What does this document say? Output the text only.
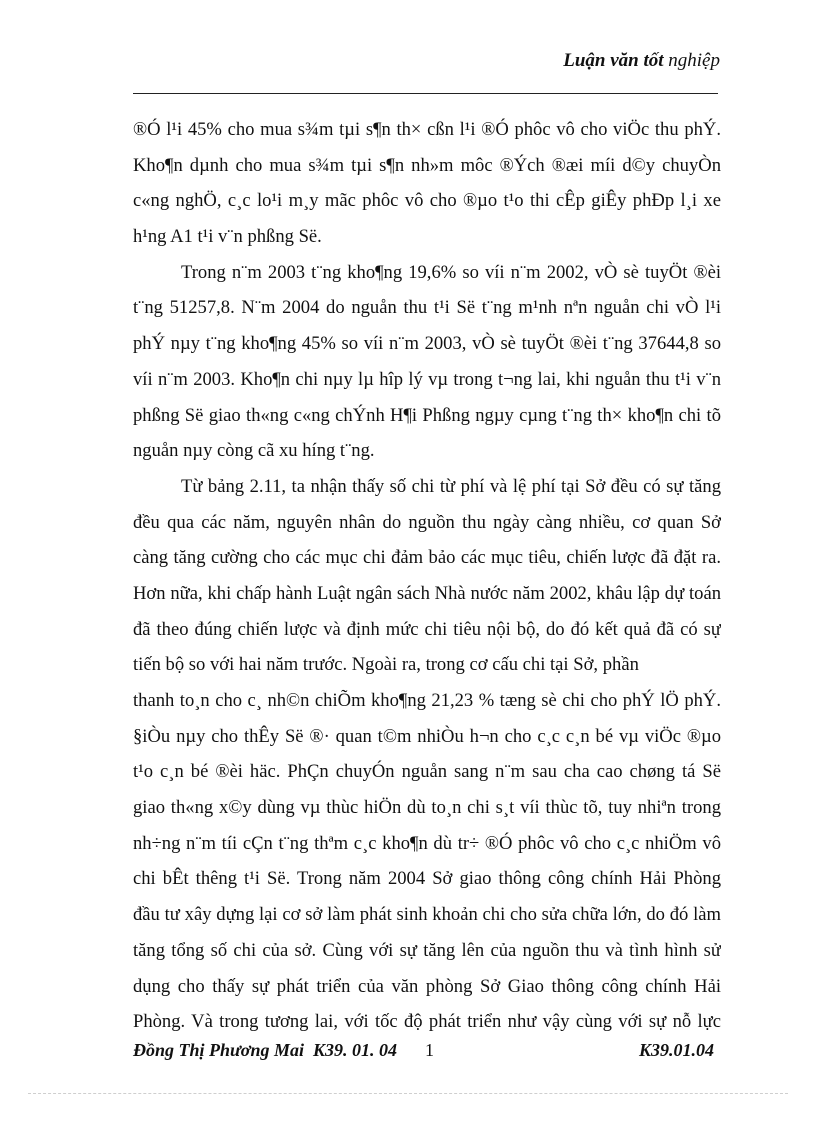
Luận văn tốt nghiệp
®Ó l¹i 45% cho mua s¾m tµi s¶n th× cßn l¹i ®Ó phôc vô cho viÖc thu phÝ.
Kho¶n dµnh cho mua s¾m tµi s¶n nh»m môc ®Ých ®æi míi d©y chuyÒn
c«ng nghÖ, c¸c lo¹i m¸y mãc phôc vô cho ®µo t¹o thi cÊp giÊy phÐp l¸i xe
h¹ng A1 t¹i v¨n phßng Së.
Trong n¨m 2003 t¨ng kho¶ng 19,6% so víi n¨m 2002, vÒ sè tuyÖt ®èi
t¨ng 51257,8. N¨m 2004 do nguån thu t¹i Së t¨ng m¹nh nªn nguån chi vÒ l¹i
phÝ nµy t¨ng kho¶ng 45% so víi n¨m 2003, vÒ sè tuyÖt ®èi t¨ng 37644,8 so
víi n¨m 2003. Kho¶n chi nµy lµ hîp lý vµ trong t¬ng lai, khi nguån thu t¹i v¨n
phßng Së giao th«ng c«ng chÝnh H¶i Phßng ngµy cµng t¨ng th× kho¶n chi tõ
nguån nµy còng cã xu híng t¨ng.
Từ bảng 2.11, ta nhận thấy số chi từ phí và lệ phí tại Sở đều có sự tăng
đều qua các năm, nguyên nhân do nguồn thu ngày càng nhiều, cơ quan Sở
càng tăng cường cho các mục chi đảm bảo các mục tiêu, chiến lược đã đặt ra.
Hơn nữa, khi chấp hành Luật ngân sách Nhà nước năm 2002, khâu lập dự toán
đã theo đúng chiến lược và định mức chi tiêu nội bộ, do đó kết quả đã có sự
tiến bộ so với hai năm trước. Ngoài ra, trong cơ cấu chi tại Sở, phần
thanh to¸n cho c¸ nh©n chiÕm kho¶ng 21,23 % tæng sè chi cho phÝ lÖ phÝ.
§iÒu nµy cho thÊy Së ®· quan t©m nhiÒu h¬n cho c¸c c¸n bé vµ viÖc ®µo
t¹o c¸n bé ®èi häc. PhÇn chuyÓn nguån sang n¨m sau cha cao chøng tá Së
giao th«ng x©y dùng vµ thùc hiÖn dù to¸n chi s¸t víi thùc tõ, tuy nhiªn trong
nh÷ng n¨m tíi cÇn t¨ng thªm c¸c kho¶n dù tr÷ ®Ó phôc vô cho c¸c nhiÖm vô
chi bÊt thêng t¹i Së. Trong năm 2004 Sở giao thông công chính Hải Phòng
đầu tư xây dựng lại cơ sở làm phát sinh khoản chi cho sửa chữa lớn, do đó làm
tăng tổng số chi của sở. Cùng với sự tăng lên của nguồn thu và tình hình sử
dụng cho thấy sự phát triển của văn phòng Sở Giao thông công chính Hải
Phòng. Và trong tương lai, với tốc độ phát triển như vậy cùng với sự nỗ lực
Đồng Thị Phương Mai K39. 01. 04 1	K39.01.04
